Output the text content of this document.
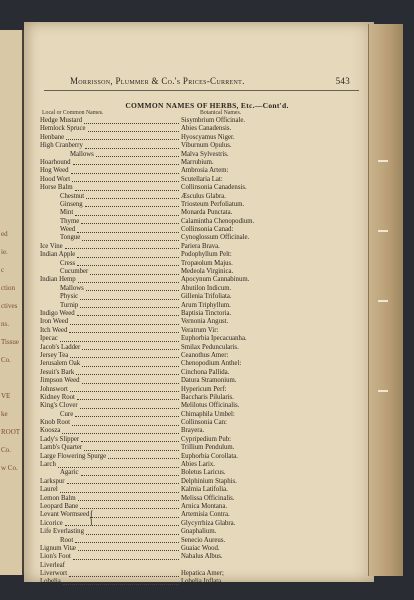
ed
ie.
c
ction
ctives
ns.
Tissue
Co.
VE
ke
ROOT
Co.
w Co.
Morrisson, Plummer & Co.'s Prices-Current.	543
COMMON NAMES OF HERBS, Etc.—Cont'd.
Local or Common Names.	Botanical Names.
Hedge Mustard	Sisymbrium Officinale.
Hemlock Spruce	Abies Canadensis.
Henbane	Hyoscyamus Niger.
High Cranberry	Viburnum Opulus.
Mallows	Malva Sylvestris.
Hoarhound	Marrubium.
Hog Weed	Ambrosia Artem:
Hood Wort	Scutellaria Lat:
Horse Balm	Collinsonia Canadensis.
Chestnut	Æsculus Glabra.
Ginseng	Triosteum Perfoliatum.
Mint	Monarda Punctata.
Thyme	Calamintha Chenopodium.
Weed	Collinsonia Canad:
Tongue	Cynoglossum Officinale.
Ice Vine	Pariera Brava.
Indian Apple	Podophyllum Pelt:
Cress	Tropæolum Majus.
Cucumber	Medeola Virginica.
Indian Hemp	Apocynum Cannabinum.
Mallows	Abutilon Indicum.
Physic	Gillenia Trifoliata.
Turnip	Arum Triphyllum.
Indigo Weed	Baptisia Tinctoria.
Iron Weed	Vernonia Angust.
Itch Weed	Veratrum Vir:
Ipecac	Euphorbia Ipecacuanha.
Jacob's Ladder	Smilax Peduncularis.
Jersey Tea	Ceanothus Amer:
Jerusalem Oak	Chenopodium Anthel:
Jesuit's Bark	Cinchona Pallida.
Jimpson Weed	Datura Stramonium.
Johnswort	Hypericum Perf:
Kidney Root	Baccharis Pilularis.
King's Clover	Melilotus Officinalis.
Cure	Chimaphila Umbel:
Knob Root	Collinsonia Can:
Koosza	Brayera.
Lady's Slipper	Cypripedium Pub:
Lamb's Quarter	Trillium Pendulum.
Large Flowering Spurge	Euphorbia Corollata.
Larch	Abies Larix.
Agaric	Boletus Laricus.
Larkspur	Delphinium Staphis.
Laurel	Kalmia Latifolia.
Lemon Balm	Melissa Officinalis.
Leopard Bane	Arnica Montana.
Levant Wormseed	Artemisia Contra.
Licorice	Glycyrrhiza Glabra.
Life Everlasting	Gnaphalium.
Root	Senecio Aureus.
Lignum Vitæ	Guaiac Wood.
Lion's Foot	Nabalus Albus.
Liverleaf
Liverwort	Hepatica Amer;
Lobelia	Lobelia Inflata.
{
